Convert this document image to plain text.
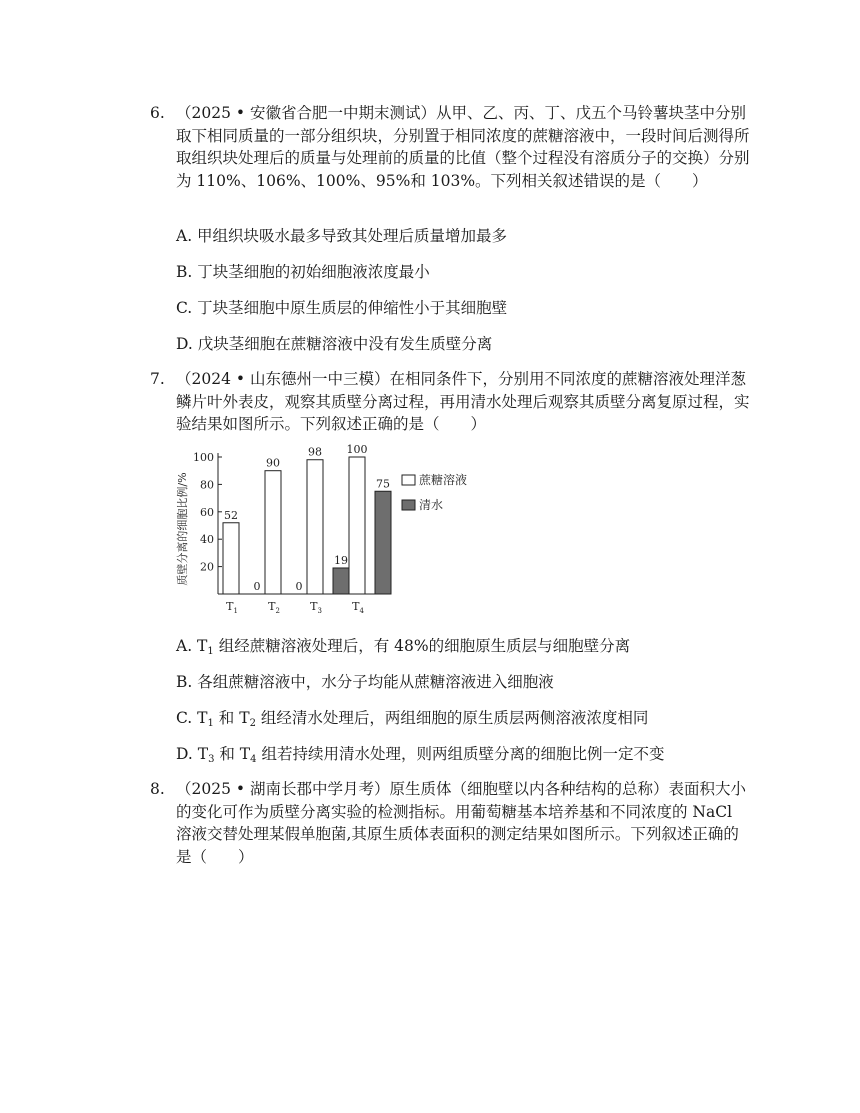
6. （2025 • 安徽省合肥一中期末测试）从甲、乙、丙、丁、戊五个马铃薯块茎中分别取下相同质量的一部分组织块，分别置于相同浓度的蔗糖溶液中，一段时间后测得所取组织块处理后的质量与处理前的质量的比值（整个过程没有溶质分子的交换）分别为 110%、106%、100%、95%和 103%。下列相关叙述错误的是（　　）
A. 甲组织块吸水最多导致其处理后质量增加最多
B. 丁块茎细胞的初始细胞液浓度最小
C. 丁块茎细胞中原生质层的伸缩性小于其细胞壁
D. 戊块茎细胞在蔗糖溶液中没有发生质壁分离
7. （2024 • 山东德州一中三模）在相同条件下，分别用不同浓度的蔗糖溶液处理洋葱鳞片叶外表皮，观察其质壁分离过程，再用清水处理后观察其质壁分离复原过程，实验结果如图所示。下列叙述正确的是（　　）
质壁分离的细胞比例/% 20
40
60
80
100
$T_1$	$T_2$	$T_3$	$T_4$
52
0
90
0
98
19
100
75 蔗糖溶液
清水
A. $T_1$ 组经蔗糖溶液处理后，有 48%的细胞原生质层与细胞壁分离
B. 各组蔗糖溶液中，水分子均能从蔗糖溶液进入细胞液
C. $T_1$ 和 $T_2$ 组经清水处理后，两组细胞的原生质层两侧溶液浓度相同
D. $T_3$ 和 $T_4$ 组若持续用清水处理，则两组质壁分离的细胞比例一定不变
8. （2025 • 湖南长郡中学月考）原生质体（细胞壁以内各种结构的总称）表面积大小的变化可作为质壁分离实验的检测指标。用葡萄糖基本培养基和不同浓度的 NaCl 溶液交替处理某假单胞菌,其原生质体表面积的测定结果如图所示。下列叙述正确的是（　　）
